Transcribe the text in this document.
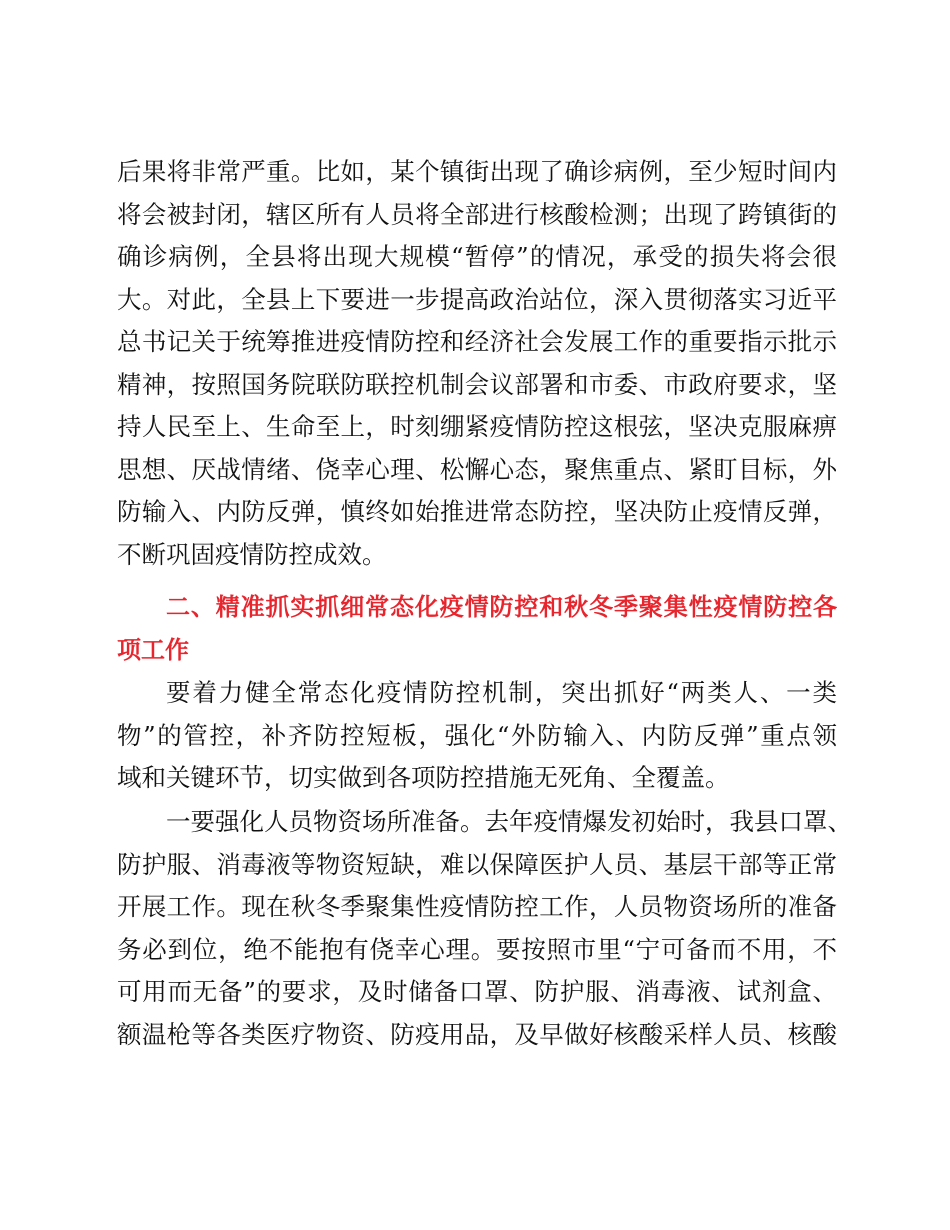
后果将非常严重。比如，某个镇街出现了确诊病例，至少短时间内
将会被封闭，辖区所有人员将全部进行核酸检测；出现了跨镇街的
确诊病例，全县将出现大规模“暂停”的情况，承受的损失将会很
大。对此，全县上下要进一步提高政治站位，深入贯彻落实习近平
总书记关于统筹推进疫情防控和经济社会发展工作的重要指示批示
精神，按照国务院联防联控机制会议部署和市委、市政府要求，坚
持人民至上、生命至上，时刻绷紧疫情防控这根弦，坚决克服麻痹
思想、厌战情绪、侥幸心理、松懈心态，聚焦重点、紧盯目标，外
防输入、内防反弹，慎终如始推进常态防控，坚决防止疫情反弹，
不断巩固疫情防控成效。
二、精准抓实抓细常态化疫情防控和秋冬季聚集性疫情防控各
项工作
要着力健全常态化疫情防控机制，突出抓好“两类人、一类
物”的管控，补齐防控短板，强化“外防输入、内防反弹”重点领
域和关键环节，切实做到各项防控措施无死角、全覆盖。
一要强化人员物资场所准备。去年疫情爆发初始时，我县口罩、
防护服、消毒液等物资短缺，难以保障医护人员、基层干部等正常
开展工作。现在秋冬季聚集性疫情防控工作，人员物资场所的准备
务必到位，绝不能抱有侥幸心理。要按照市里“宁可备而不用，不
可用而无备”的要求，及时储备口罩、防护服、消毒液、试剂盒、
额温枪等各类医疗物资、防疫用品，及早做好核酸采样人员、核酸
